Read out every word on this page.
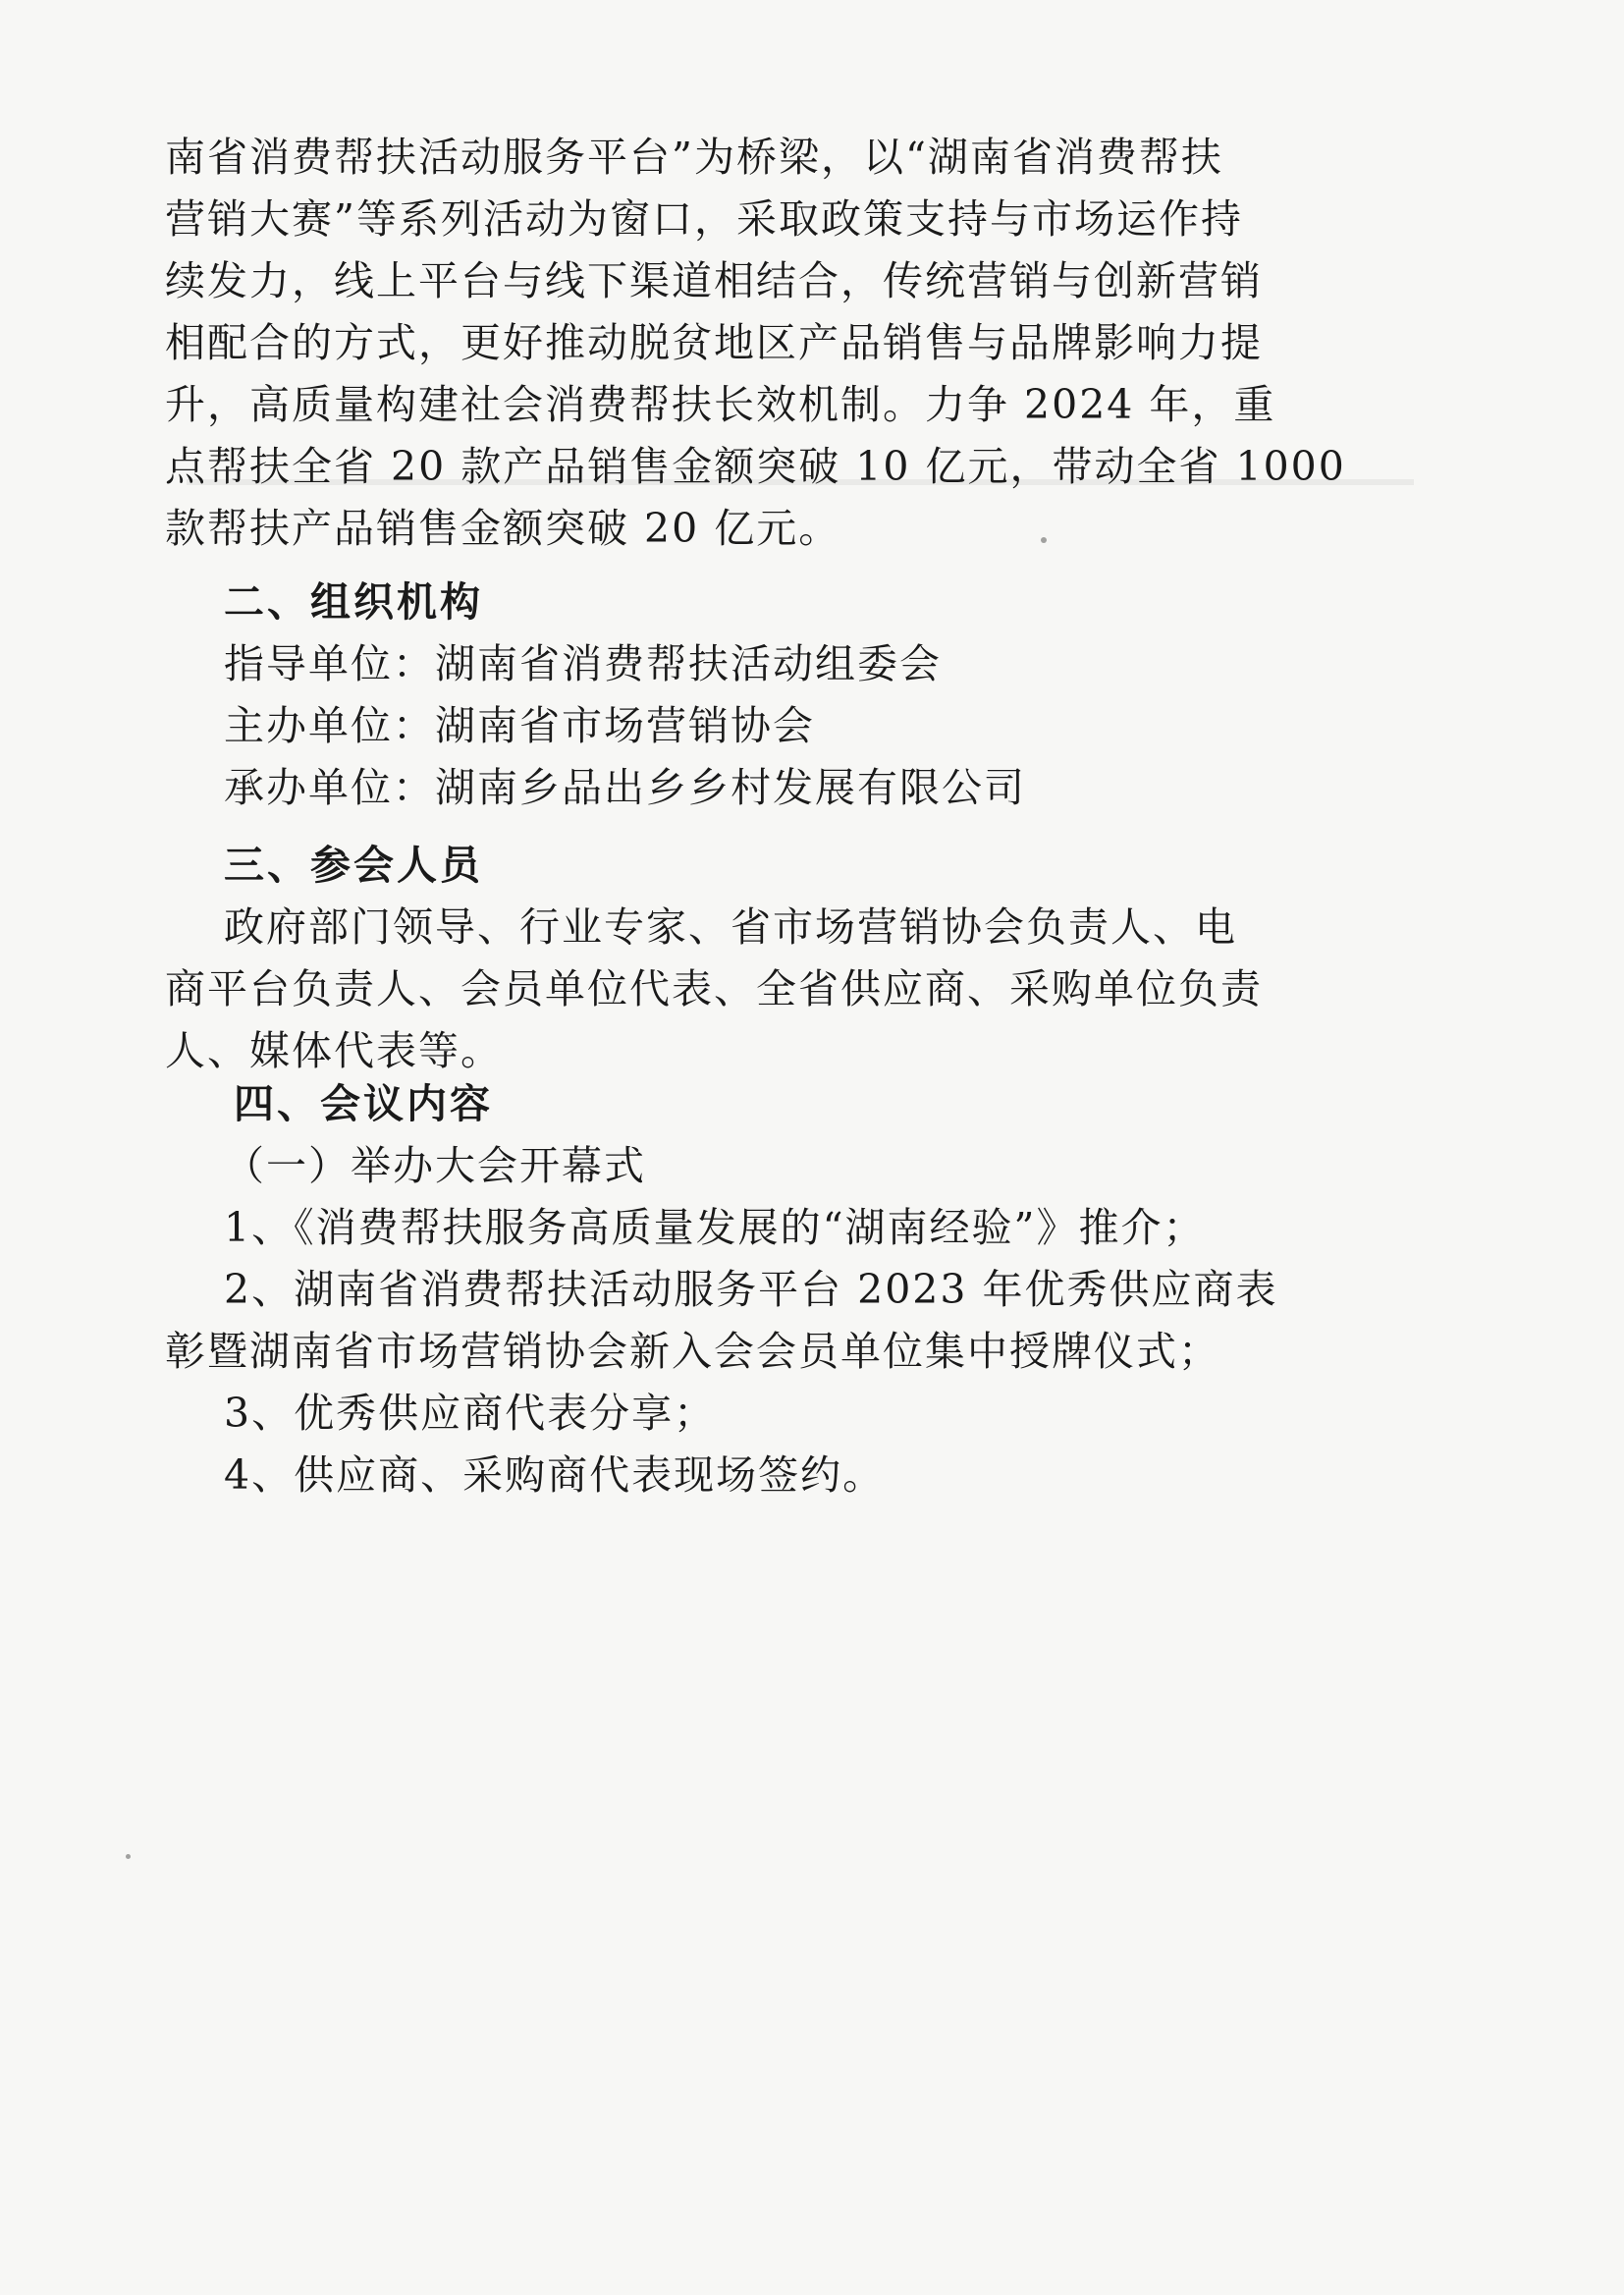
南省消费帮扶活动服务平台”为桥梁，以“湖南省消费帮扶
营销大赛”等系列活动为窗口，采取政策支持与市场运作持
续发力，线上平台与线下渠道相结合，传统营销与创新营销
相配合的方式，更好推动脱贫地区产品销售与品牌影响力提
升，高质量构建社会消费帮扶长效机制。力争 2024 年，重
点帮扶全省 20 款产品销售金额突破 10 亿元，带动全省 1000
款帮扶产品销售金额突破 20 亿元。
二、组织机构
指导单位：湖南省消费帮扶活动组委会
主办单位：湖南省市场营销协会
承办单位：湖南乡品出乡乡村发展有限公司
三、参会人员
政府部门领导、行业专家、省市场营销协会负责人、电
商平台负责人、会员单位代表、全省供应商、采购单位负责
人、媒体代表等。
四、会议内容
（一）举办大会开幕式
1、《消费帮扶服务高质量发展的“湖南经验”》推介；
2、湖南省消费帮扶活动服务平台 2023 年优秀供应商表
彰暨湖南省市场营销协会新入会会员单位集中授牌仪式；
3、优秀供应商代表分享；
4、供应商、采购商代表现场签约。
